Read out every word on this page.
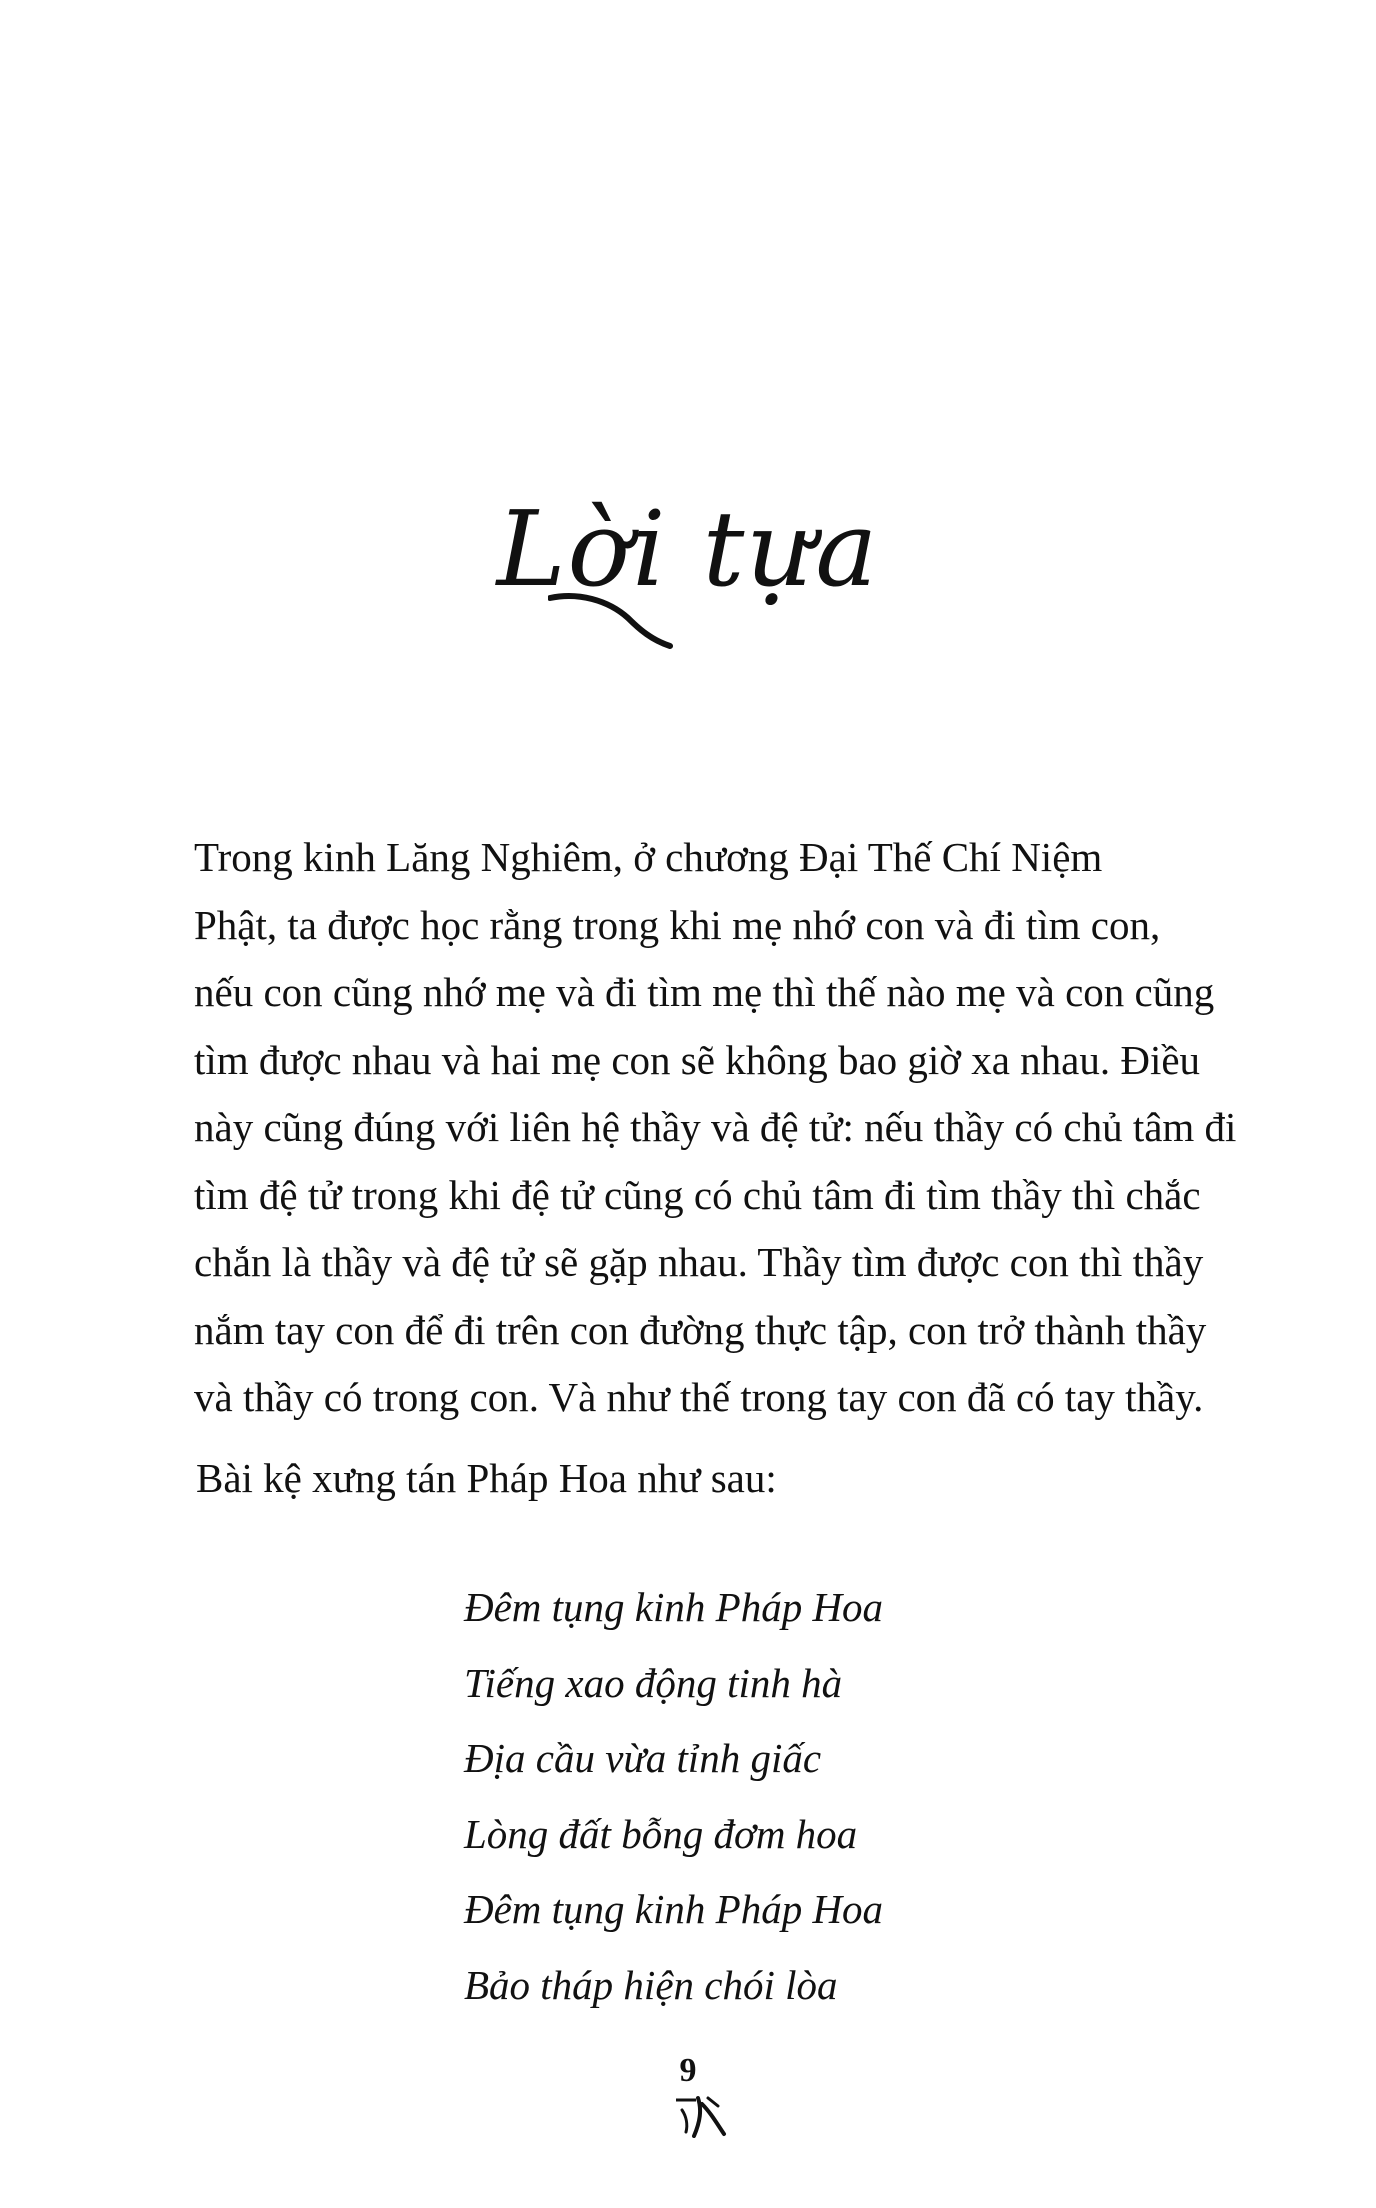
Lời tựa

Trong kinh Lăng Nghiêm, ở chương Đại Thế Chí Niệm
Phật, ta được học rằng trong khi mẹ nhớ con và đi tìm con,
nếu con cũng nhớ mẹ và đi tìm mẹ thì thế nào mẹ và con cũng
tìm được nhau và hai mẹ con sẽ không bao giờ xa nhau. Điều
này cũng đúng với liên hệ thầy và đệ tử: nếu thầy có chủ tâm đi
tìm đệ tử trong khi đệ tử cũng có chủ tâm đi tìm thầy thì chắc
chắn là thầy và đệ tử sẽ gặp nhau. Thầy tìm được con thì thầy
nắm tay con để đi trên con đường thực tập, con trở thành thầy
và thầy có trong con. Và như thế trong tay con đã có tay thầy.

Bài kệ xưng tán Pháp Hoa như sau:

Đêm tụng kinh Pháp Hoa
Tiếng xao động tinh hà
Địa cầu vừa tỉnh giấc
Lòng đất bỗng đơm hoa
Đêm tụng kinh Pháp Hoa
Bảo tháp hiện chói lòa
9
